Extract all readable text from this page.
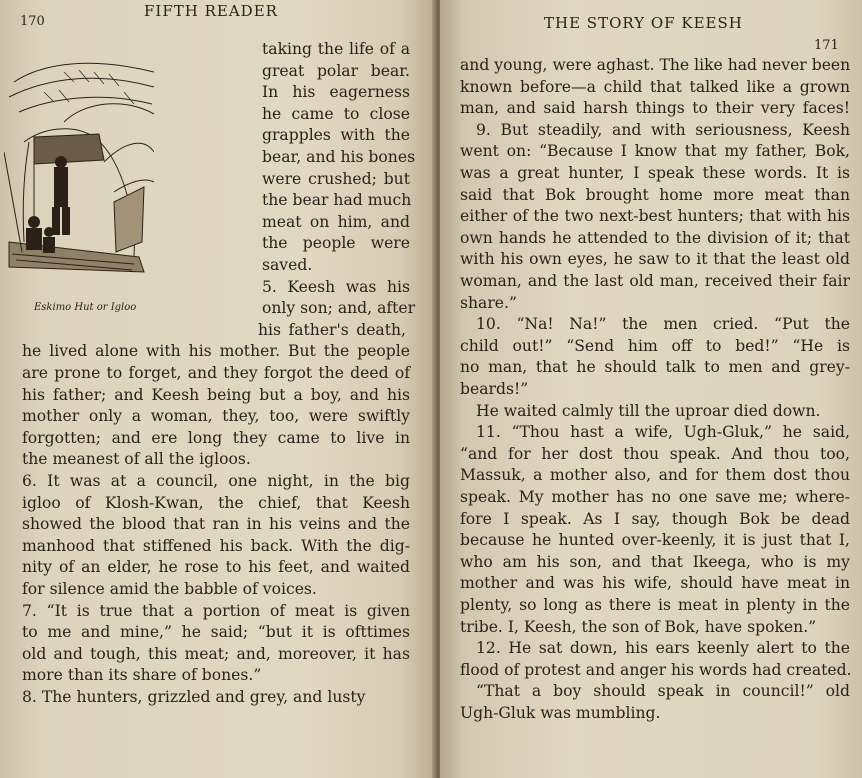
170
FIFTH READER
Eskimo Hut or Igloo
taking the life of a
great polar bear.
In his eagerness
he came to close
grapples with the
bear, and his bones
were crushed; but
the bear had much
meat on him, and
the people were
saved.
5. Keesh was his
only son; and, after
his father's death,
he lived alone with his mother. But the people
are prone to forget, and they forgot the deed of
his father; and Keesh being but a boy, and his
mother only a woman, they, too, were swiftly
forgotten; and ere long they came to live in
the meanest of all the igloos.
6. It was at a council, one night, in the big
igloo of Klosh-Kwan, the chief, that Keesh
showed the blood that ran in his veins and the
manhood that stiffened his back. With the dig-
nity of an elder, he rose to his feet, and waited
for silence amid the babble of voices.
7. “It is true that a portion of meat is given
to me and mine,” he said; “but it is ofttimes
old and tough, this meat; and, moreover, it has
more than its share of bones.”
8. The hunters, grizzled and grey, and lusty
THE STORY OF KEESH
171
and young, were aghast. The like had never been
known before—a child that talked like a grown
man, and said harsh things to their very faces!
9. But steadily, and with seriousness, Keesh
went on: “Because I know that my father, Bok,
was a great hunter, I speak these words. It is
said that Bok brought home more meat than
either of the two next-best hunters; that with his
own hands he attended to the division of it; that
with his own eyes, he saw to it that the least old
woman, and the last old man, received their fair
share.”
10. “Na! Na!” the men cried. “Put the
child out!” “Send him off to bed!” “He is
no man, that he should talk to men and grey-
beards!”
He waited calmly till the uproar died down.
11. “Thou hast a wife, Ugh-Gluk,” he said,
“and for her dost thou speak. And thou too,
Massuk, a mother also, and for them dost thou
speak. My mother has no one save me; where-
fore I speak. As I say, though Bok be dead
because he hunted over-keenly, it is just that I,
who am his son, and that Ikeega, who is my
mother and was his wife, should have meat in
plenty, so long as there is meat in plenty in the
tribe. I, Keesh, the son of Bok, have spoken.”
12. He sat down, his ears keenly alert to the
flood of protest and anger his words had created.
“That a boy should speak in council!” old
Ugh-Gluk was mumbling.
